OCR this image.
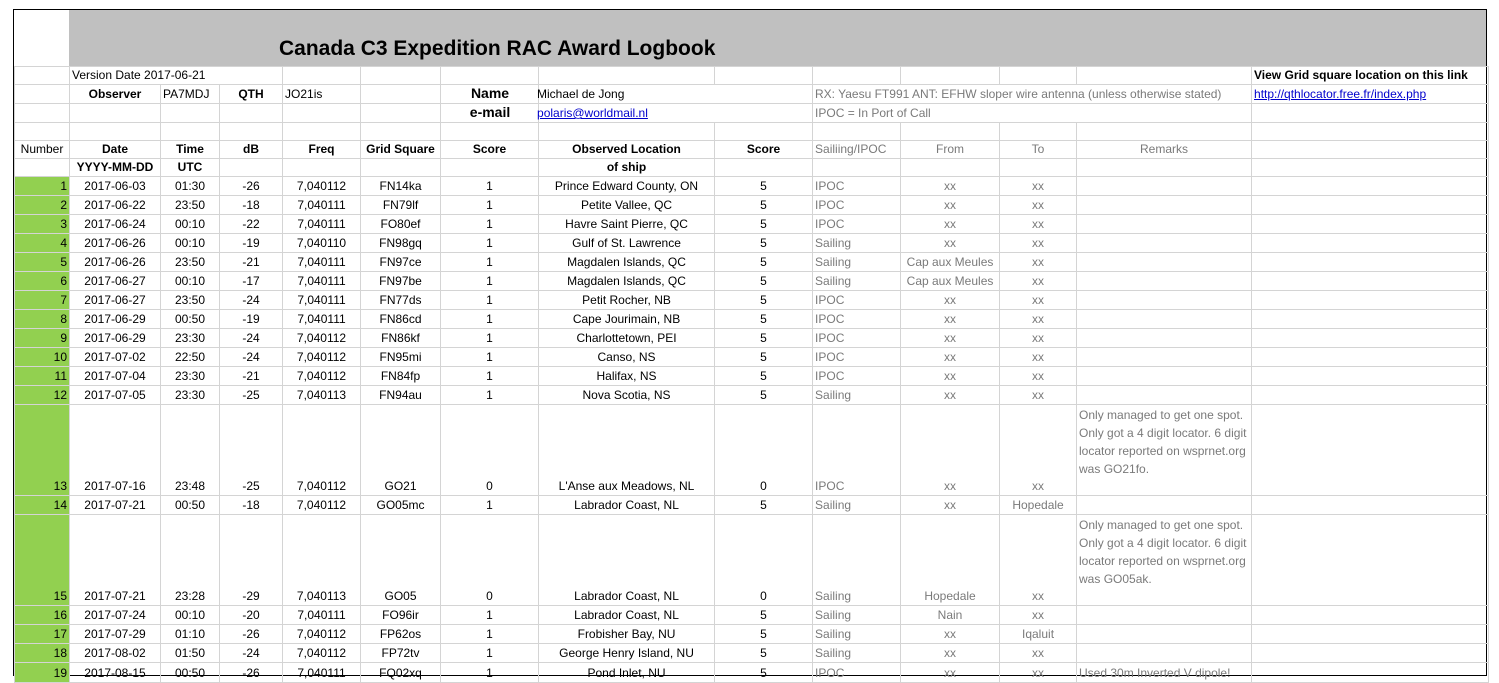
Canada C3 Expedition RAC Award Logbook
	Version Date 2017-06-21												View Grid square location on this link
	Observer	PA7MDJ	QTH	JO21is			Name Michael de Jong		RX: Yaesu FT991 ANT: EFHW sloper wire antenna (unless otherwise stated)				http://qthlocator.free.fr/index.php
							e-mail polaris@worldmail.nl		IPOC = In Port of Call				

Number	Date	Time	dB	Freq	Grid Square	Score	Observed Location	Score	Sailiing/IPOC	From	To	Remarks	
	YYYY-MM-DD	UTC					of ship						
1	2017-06-03	01:30	-26	7,040112	FN14ka	1	Prince Edward County, ON	5	IPOC	xx	xx		
2	2017-06-22	23:50	-18	7,040111	FN79lf	1	Petite Vallee, QC	5	IPOC	xx	xx		
3	2017-06-24	00:10	-22	7,040111	FO80ef	1	Havre Saint Pierre, QC	5	IPOC	xx	xx		
4	2017-06-26	00:10	-19	7,040110	FN98gq	1	Gulf of St. Lawrence	5	Sailing	xx	xx		
5	2017-06-26	23:50	-21	7,040111	FN97ce	1	Magdalen Islands, QC	5	Sailing	Cap aux Meules	xx		
6	2017-06-27	00:10	-17	7,040111	FN97be	1	Magdalen Islands, QC	5	Sailing	Cap aux Meules	xx		
7	2017-06-27	23:50	-24	7,040111	FN77ds	1	Petit Rocher, NB	5	IPOC	xx	xx		
8	2017-06-29	00:50	-19	7,040111	FN86cd	1	Cape Jourimain, NB	5	IPOC	xx	xx		
9	2017-06-29	23:30	-24	7,040112	FN86kf	1	Charlottetown, PEI	5	IPOC	xx	xx		
10	2017-07-02	22:50	-24	7,040112	FN95mi	1	Canso, NS	5	IPOC	xx	xx		
11	2017-07-04	23:30	-21	7,040112	FN84fp	1	Halifax, NS	5	IPOC	xx	xx		
12	2017-07-05	23:30	-25	7,040113	FN94au	1	Nova Scotia, NS	5	Sailing	xx	xx		
13	2017-07-16	23:48	-25	7,040112	GO21	0	L'Anse aux Meadows, NL	0	IPOC	xx	xx	Only managed to get one spot. Only got a 4 digit locator. 6 digit locator reported on wsprnet.org was GO21fo.	
14	2017-07-21	00:50	-18	7,040112	GO05mc	1	Labrador Coast, NL	5	Sailing	xx	Hopedale		
15	2017-07-21	23:28	-29	7,040113	GO05	0	Labrador Coast, NL	0	Sailing	Hopedale	xx	Only managed to get one spot. Only got a 4 digit locator. 6 digit locator reported on wsprnet.org was GO05ak.	
16	2017-07-24	00:10	-20	7,040111	FO96ir	1	Labrador Coast, NL	5	Sailing	Nain	xx		
17	2017-07-29	01:10	-26	7,040112	FP62os	1	Frobisher Bay, NU	5	Sailing	xx	Iqaluit		
18	2017-08-02	01:50	-24	7,040112	FP72tv	1	George Henry Island, NU	5	Sailing	xx	xx		
19	2017-08-15	00:50	-26	7,040111	FQ02xq	1	Pond Inlet, NU	5	IPOC	xx	xx	Used 30m Inverted V dipole!	
